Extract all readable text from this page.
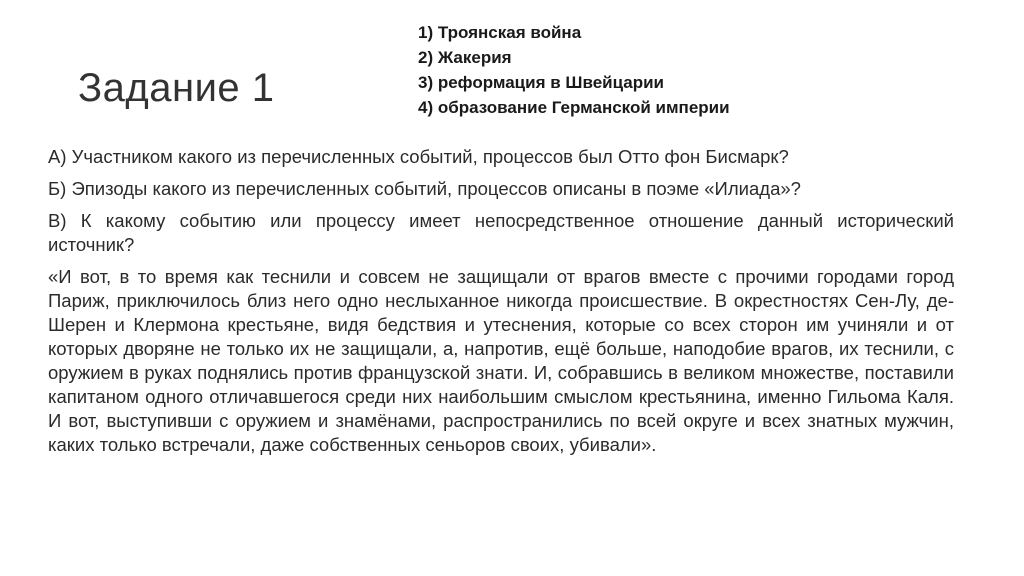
Задание 1
1) Троянская война
2) Жакерия
3) реформация в Швейцарии
4) образование Германской империи

А) Участником какого из перечисленных событий, процессов был Отто фон Бисмарк?

Б) Эпизоды какого из перечисленных событий, процессов описаны в поэме «Илиада»?

В) К какому событию или процессу имеет непосредственное отношение данный исторический источник?

«И вот, в то время как теснили и совсем не защищали от врагов вместе с прочими городами город Париж, приключилось близ него одно неслыханное никогда происшествие. В окрестностях Сен-Лу, де-Шерен и Клермона крестьяне, видя бедствия и утеснения, которые со всех сторон им учиняли и от которых дворяне не только их не защищали, а, напротив, ещё больше, наподобие врагов, их теснили, с оружием в руках поднялись против французской знати. И, собравшись в великом множестве, поставили капитаном одного отличавшегося среди них наибольшим смыслом крестьянина, именно Гильома Каля. И вот, выступивши с оружием и знамёнами, распространились по всей округе и всех знатных мужчин, каких только встречали, даже собственных сеньоров своих, убивали».
